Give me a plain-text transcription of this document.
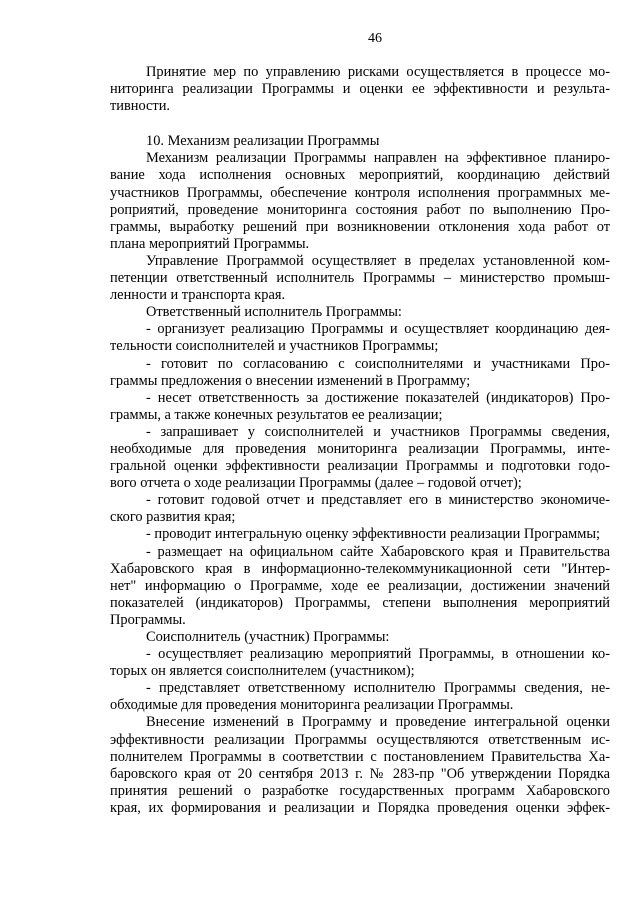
46
Принятие мер по управлению рисками осуществляется в процессе мо-
ниторинга реализации Программы и оценки ее эффективности и результа-
тивности.
10. Механизм реализации Программы
Механизм реализации Программы направлен на эффективное планиро-
вание хода исполнения основных мероприятий, координацию действий
участников Программы, обеспечение контроля исполнения программных ме-
роприятий, проведение мониторинга состояния работ по выполнению Про-
граммы, выработку решений при возникновении отклонения хода работ от
плана мероприятий Программы.
Управление Программой осуществляет в пределах установленной ком-
петенции ответственный исполнитель Программы – министерство промыш-
ленности и транспорта края.
Ответственный исполнитель Программы:
- организует реализацию Программы и осуществляет координацию дея-
тельности соисполнителей и участников Программы;
- готовит по согласованию с соисполнителями и участниками Про-
граммы предложения о внесении изменений в Программу;
- несет ответственность за достижение показателей (индикаторов) Про-
граммы, а также конечных результатов ее реализации;
- запрашивает у соисполнителей и участников Программы сведения,
необходимые для проведения мониторинга реализации Программы, инте-
гральной оценки эффективности реализации Программы и подготовки годо-
вого отчета о ходе реализации Программы (далее – годовой отчет);
- готовит годовой отчет и представляет его в министерство экономиче-
ского развития края;
- проводит интегральную оценку эффективности реализации Программы;
- размещает на официальном сайте Хабаровского края и Правительства
Хабаровского края в информационно-телекоммуникационной сети "Интер-
нет" информацию о Программе, ходе ее реализации, достижении значений
показателей (индикаторов) Программы, степени выполнения мероприятий
Программы.
Соисполнитель (участник) Программы:
- осуществляет реализацию мероприятий Программы, в отношении ко-
торых он является соисполнителем (участником);
- представляет ответственному исполнителю Программы сведения, не-
обходимые для проведения мониторинга реализации Программы.
Внесение изменений в Программу и проведение интегральной оценки
эффективности реализации Программы осуществляются ответственным ис-
полнителем Программы в соответствии с постановлением Правительства Ха-
баровского края от 20 сентября 2013 г. № 283-пр "Об утверждении Порядка
принятия решений о разработке государственных программ Хабаровского
края, их формирования и реализации и Порядка проведения оценки эффек-
